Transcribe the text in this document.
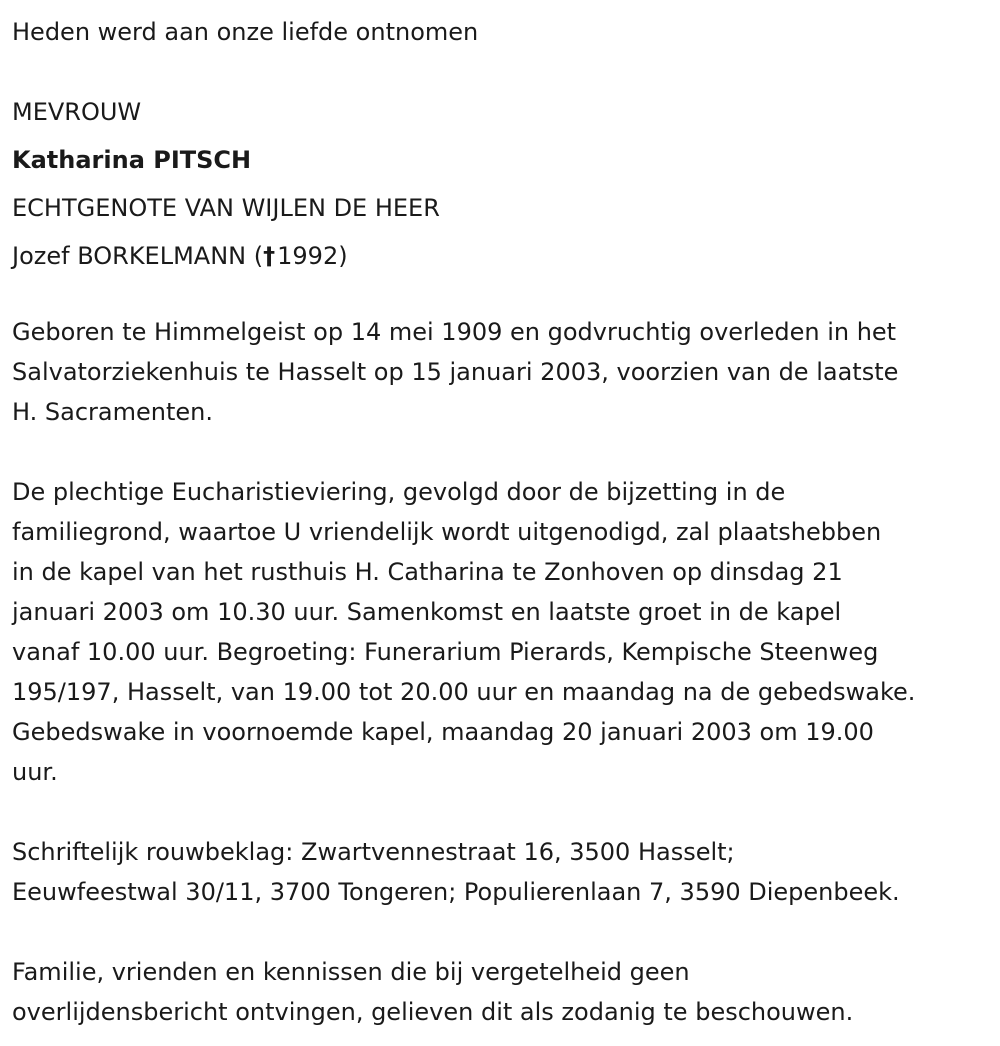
Heden werd aan onze liefde ontnomen
MEVROUW
Katharina PITSCH
ECHTGENOTE VAN WIJLEN DE HEER
Jozef BORKELMANN (†1992)

Geboren te Himmelgeist op 14 mei 1909 en godvruchtig overleden in het
Salvatorziekenhuis te Hasselt op 15 januari 2003, voorzien van de laatste
H. Sacramenten.

De plechtige Eucharistieviering, gevolgd door de bijzetting in de
familiegrond, waartoe U vriendelijk wordt uitgenodigd, zal plaatshebben
in de kapel van het rusthuis H. Catharina te Zonhoven op dinsdag 21
januari 2003 om 10.30 uur. Samenkomst en laatste groet in de kapel
vanaf 10.00 uur. Begroeting: Funerarium Pierards, Kempische Steenweg
195/197, Hasselt, van 19.00 tot 20.00 uur en maandag na de gebedswake.
Gebedswake in voornoemde kapel, maandag 20 januari 2003 om 19.00
uur.

Schriftelijk rouwbeklag: Zwartvennestraat 16, 3500 Hasselt;
Eeuwfeestwal 30/11, 3700 Tongeren; Populierenlaan 7, 3590 Diepenbeek.

Familie, vrienden en kennissen die bij vergetelheid geen
overlijdensbericht ontvingen, gelieven dit als zodanig te beschouwen.
